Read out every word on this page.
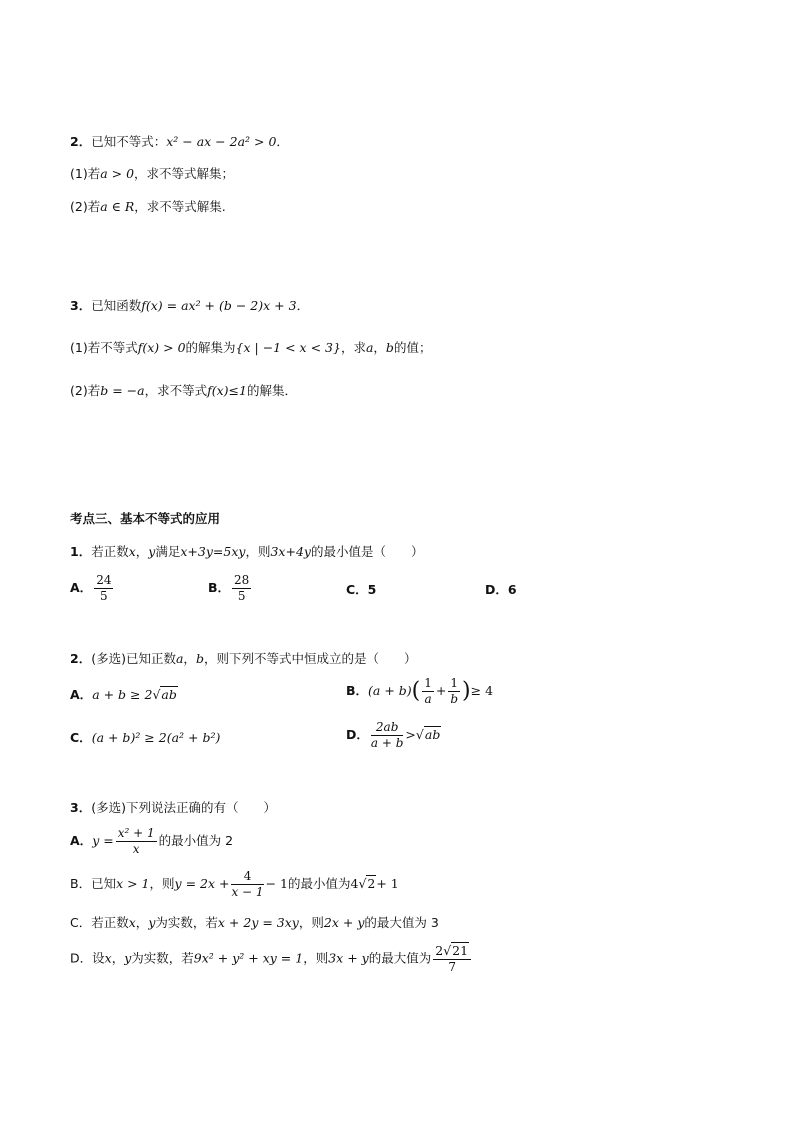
2．已知不等式：x² − ax − 2a² > 0．
(1)若a > 0，求不等式解集；
(2)若a ∈ R，求不等式解集.
3．已知函数f(x) = ax² + (b − 2)x + 3．
(1)若不等式f(x) > 0的解集为{x | −1 < x < 3}，求a，b的值；
(2)若b = −a，求不等式f(x)≤1的解集．
考点三、基本不等式的应用
1．若正数x，y满足x+3y=5xy，则3x+4y的最小值是（　　）
A． $\frac{24}{5}$	B． $\frac{28}{5}$	C．5	D．6
2．(多选)已知正数a，b，则下列不等式中恒成立的是（　　）
A．a + b ≥ 2√ab	B．$(a + b)( \frac{1}{a} + \frac{1}{b}$ )≥ 4
C．(a + b)² ≥ 2(a² + b²)	D． $\frac{2ab}{a + b} >√ab$
3．(多选)下列说法正确的有（　　）
A．$y = \frac{\text{x² + 1}}{x}$ 的最小值为 2
B．已知x > 1，则$y = 2x + \frac{4}{x - 1} - 1$的最小值为4√2+ 1
C．若正数x，y为实数，若x + 2y = 3xy，则2x + y的最大值为 3
D．设x，y为实数，若9x² + y² + xy = 1，则3x + y的最大值为 $\frac{2√21}{7}$
